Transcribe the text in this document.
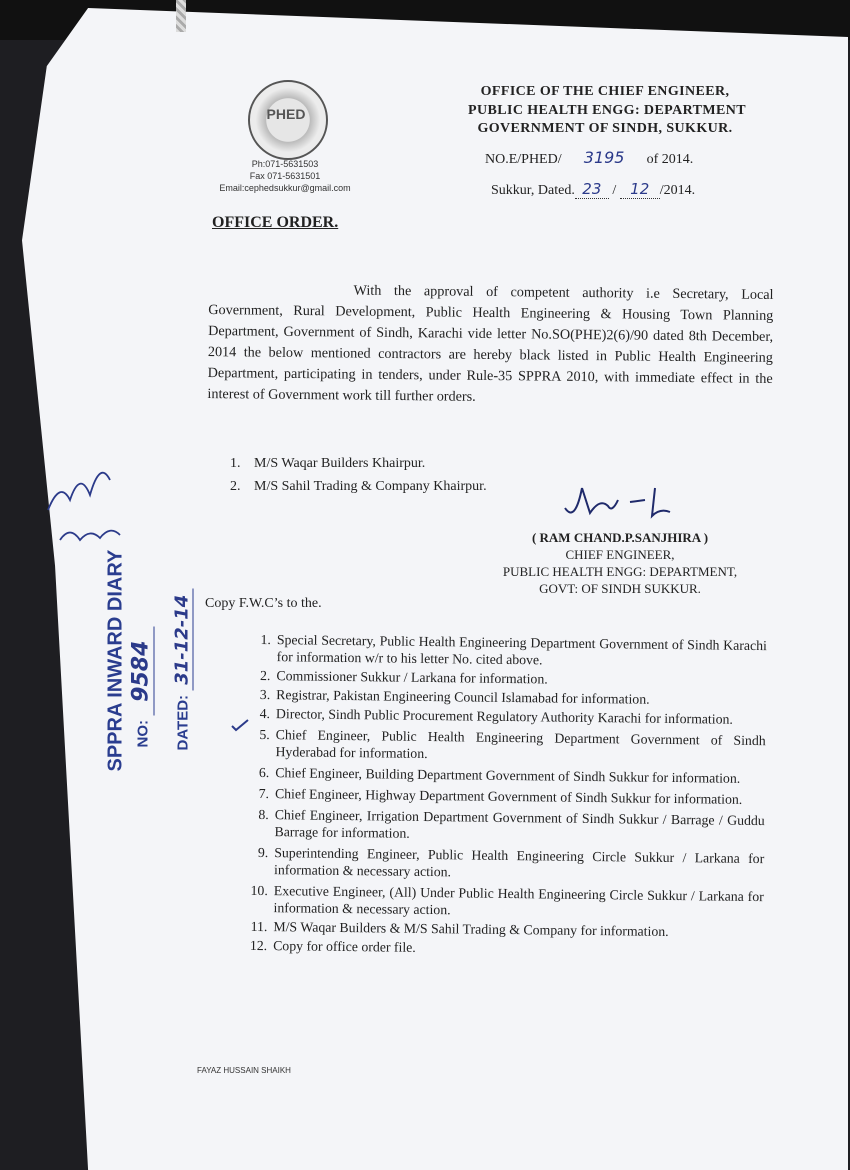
PHED
Ph:071-5631503
Fax 071-5631501
Email:cephedsukkur@gmail.com
OFFICE OF THE CHIEF ENGINEER,
PUBLIC HEALTH ENGG: DEPARTMENT
GOVERNMENT OF SINDH, SUKKUR.
NO.E/PHED/ 3195 of 2014.
Sukkur, Dated. 23 / 12 /2014.
OFFICE ORDER.
With the approval of competent authority i.e Secretary, Local Government, Rural Development, Public Health Engineering & Housing Town Planning Department, Government of Sindh, Karachi vide letter No.SO(PHE)2(6)/90 dated 8th December, 2014 the below mentioned contractors are hereby black listed in Public Health Engineering Department, participating in tenders, under Rule-35 SPPRA 2010, with immediate effect in the interest of Government work till further orders.
1. M/S Waqar Builders Khairpur.
2. M/S Sahil Trading & Company Khairpur.
( RAM CHAND.P.SANJHIRA )
CHIEF ENGINEER,
PUBLIC HEALTH ENGG: DEPARTMENT,
GOVT: OF SINDH SUKKUR.
Copy F.W.C’s to the.
1. Special Secretary, Public Health Engineering Department Government of Sindh Karachi for information w/r to his letter No. cited above.
2. Commissioner Sukkur / Larkana for information.
3. Registrar, Pakistan Engineering Council Islamabad for information.
4. Director, Sindh Public Procurement Regulatory Authority Karachi for information.
5. Chief Engineer, Public Health Engineering Department Government of Sindh Hyderabad for information.
6. Chief Engineer, Building Department Government of Sindh Sukkur for information.
7. Chief Engineer, Highway Department Government of Sindh Sukkur for information.
8. Chief Engineer, Irrigation Department Government of Sindh Sukkur / Barrage / Guddu Barrage for information.
9. Superintending Engineer, Public Health Engineering Circle Sukkur / Larkana for information & necessary action.
10. Executive Engineer, (All) Under Public Health Engineering Circle Sukkur / Larkana for information & necessary action.
11. M/S Waqar Builders & M/S Sahil Trading & Company for information.
12. Copy for office order file.
SPPRA INWARD DIARY NO: 9584
DATED: 31-12-14
FAYAZ HUSSAIN SHAIKH
